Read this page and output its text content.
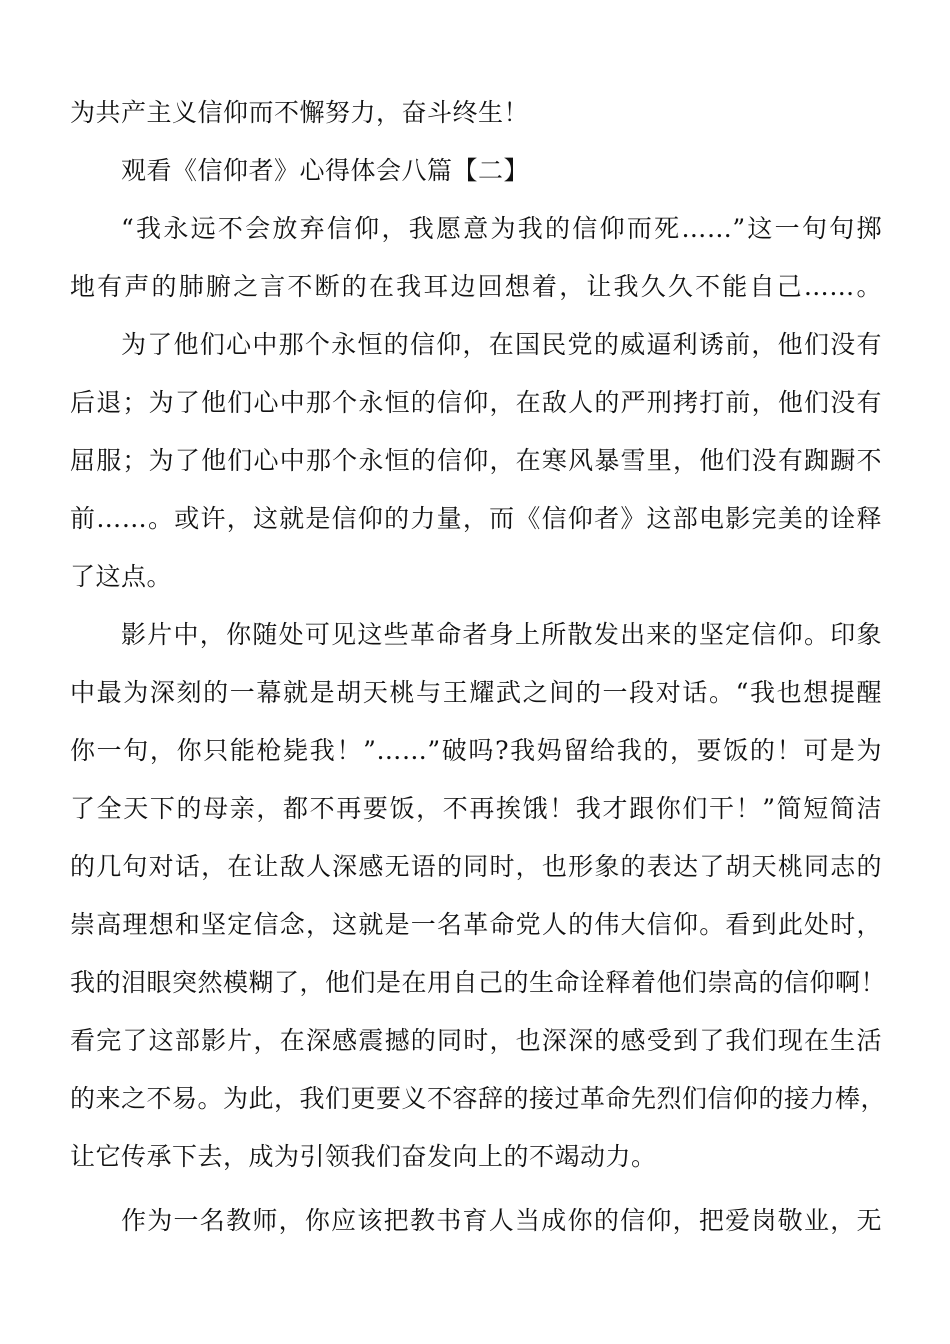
为共产主义信仰而不懈努力，奋斗终生！
观看《信仰者》心得体会八篇【二】
“我永远不会放弃信仰，我愿意为我的信仰而死……”这一句句掷
地有声的肺腑之言不断的在我耳边回想着，让我久久不能自己……。
为了他们心中那个永恒的信仰，在国民党的威逼利诱前，他们没有
后退；为了他们心中那个永恒的信仰，在敌人的严刑拷打前，他们没有
屈服；为了他们心中那个永恒的信仰，在寒风暴雪里，他们没有踟蹰不
前……。或许，这就是信仰的力量，而《信仰者》这部电影完美的诠释
了这点。
影片中，你随处可见这些革命者身上所散发出来的坚定信仰。印象
中最为深刻的一幕就是胡天桃与王耀武之间的一段对话。“我也想提醒
你一句，你只能枪毙我！”……”破吗?我妈留给我的，要饭的！可是为
了全天下的母亲，都不再要饭，不再挨饿！我才跟你们干！”简短简洁
的几句对话，在让敌人深感无语的同时，也形象的表达了胡天桃同志的
崇高理想和坚定信念，这就是一名革命党人的伟大信仰。看到此处时，
我的泪眼突然模糊了，他们是在用自己的生命诠释着他们崇高的信仰啊！
看完了这部影片，在深感震撼的同时，也深深的感受到了我们现在生活
的来之不易。为此，我们更要义不容辞的接过革命先烈们信仰的接力棒，
让它传承下去，成为引领我们奋发向上的不竭动力。
作为一名教师，你应该把教书育人当成你的信仰，把爱岗敬业，无
